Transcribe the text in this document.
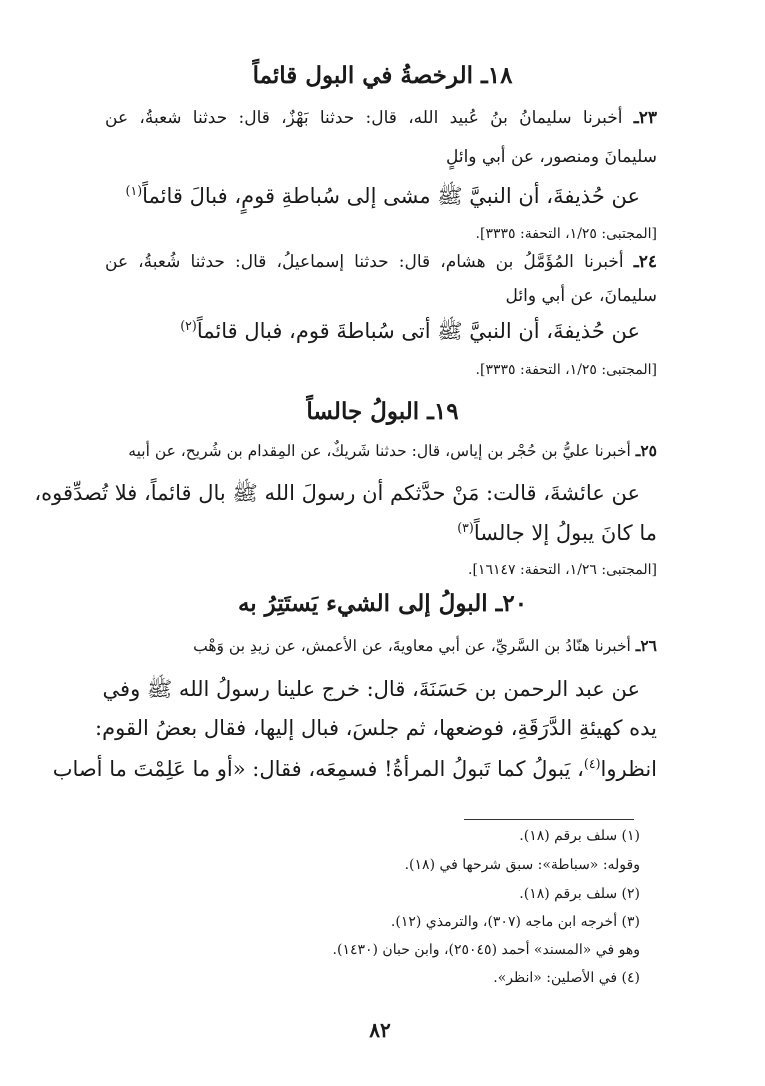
١٨ـ الرخصةُ في البول قائماً
٢٣ـ أخبرنا سليمانُ بنُ عُبيد الله، قال: حدثنا بَهْزٌ، قال: حدثنا شعبةُ، عن
سليمانَ ومنصور، عن أبي وائلٍ
عن حُذيفةَ، أن النبيَّ ﷺ مشى إلى سُباطةِ قومٍ، فبالَ قائماً$^{(١)}$
[المجتبى: ١/٢٥، التحفة: ٣٣٣٥].
٢٤ـ أخبرنا المُؤَمَّلُ بن هشام، قال: حدثنا إسماعيلُ، قال: حدثنا شُعبةُ، عن
سليمانَ، عن أبي وائل
عن حُذيفةَ، أن النبيَّ ﷺ أتى سُباطةَ قوم، فبال قائماً$^{(٢)}$
[المجتبى: ١/٢٥، التحفة: ٣٣٣٥].
١٩ـ البولُ جالساً
٢٥ـ أخبرنا عليُّ بن حُجْر بن إياس، قال: حدثنا شَريكٌ، عن المِقدام بن شُريح، عن أبيه
عن عائشةَ، قالت: مَنْ حدَّثكم أن رسولَ الله ﷺ بال قائماً، فلا تُصدِّقوه،
ما كانَ يبولُ إلا جالساً$^{(٣)}$
[المجتبى: ١/٢٦، التحفة: ١٦١٤٧].
٢٠ـ البولُ إلى الشيء يَستَتِرُ به
٢٦ـ أخبرنا هنّادُ بن السَّريِّ، عن أبي معاويةَ، عن الأعمش، عن زيدِ بن وَهْب
عن عبد الرحمن بن حَسَنَةَ، قال: خرج علينا رسولُ الله ﷺ وفي
يده كهيئةِ الدَّرَقَةِ، فوضعها، ثم جلسَ، فبال إليها، فقال بعضُ القوم:
انظروا$^{(٤)}$، يَبولُ كما تَبولُ المرأةُ! فسمِعَه، فقال: «أو ما عَلِمْتَ ما أصاب
(١) سلف برقم (١٨).
وقوله: «سباطة»: سبق شرحها في (١٨).
(٢) سلف برقم (١٨).
(٣) أخرجه ابن ماجه (٣٠٧)، والترمذي (١٢).
وهو في «المسند» أحمد (٢٥٠٤٥)، وابن حبان (١٤٣٠).
(٤) في الأصلين: «انظر».
٨٢
